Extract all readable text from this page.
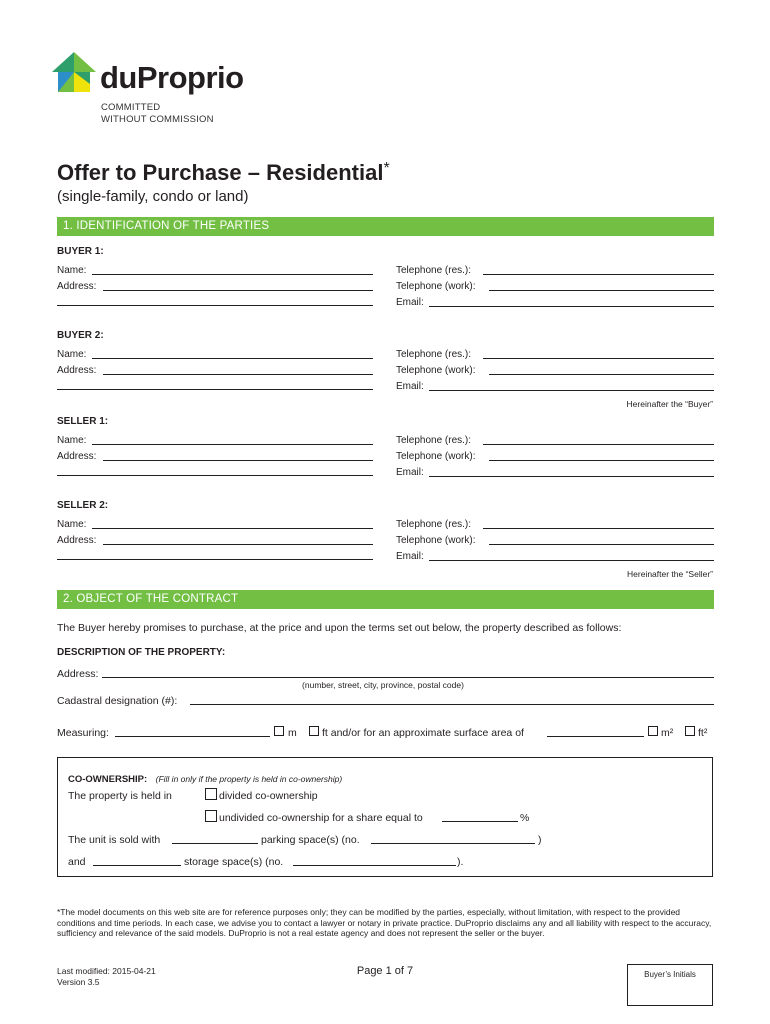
duProprio
COMMITTED
WITHOUT COMMISSION
Offer to Purchase – Residential*
(single-family, condo or land)
1. IDENTIFICATION OF THE PARTIES
BUYER 1:
Name:
Address:
Telephone (res.):
Telephone (work):
Email:
BUYER 2:
Name:
Address:
Telephone (res.):
Telephone (work):
Email:
Hereinafter the “Buyer”
SELLER 1:
Name:
Address:
Telephone (res.):
Telephone (work):
Email:
SELLER 2:
Name:
Address:
Telephone (res.):
Telephone (work):
Email:
Hereinafter the “Seller”
2. OBJECT OF THE CONTRACT
The Buyer hereby promises to purchase, at the price and upon the terms set out below, the property described as follows:
DESCRIPTION OF THE PROPERTY:
Address:
(number, street, city, province, postal code)
Cadastral designation (#):
Measuring:	m ft and/or for an approximate surface area of	m² ft²
CO-OWNERSHIP: (Fill in only if the property is held in co-ownership)
The property is held in	divided co-ownership
undivided co-ownership for a share equal to	%
The unit is sold with	parking space(s) (no.	)
and	storage space(s) (no.	).
*The model documents on this web site are for reference purposes only; they can be modified by the parties, especially, without limitation, with respect to the provided conditions and time periods. In each case, we advise you to contact a lawyer or notary in private practice. DuProprio disclaims any and all liability with respect to the accuracy, sufficiency and relevance of the said models. DuProprio is not a real estate agency and does not represent the seller or the buyer.
Last modified: 2015-04-21
Version 3.5
Page 1 of 7	Buyer’s Initials
